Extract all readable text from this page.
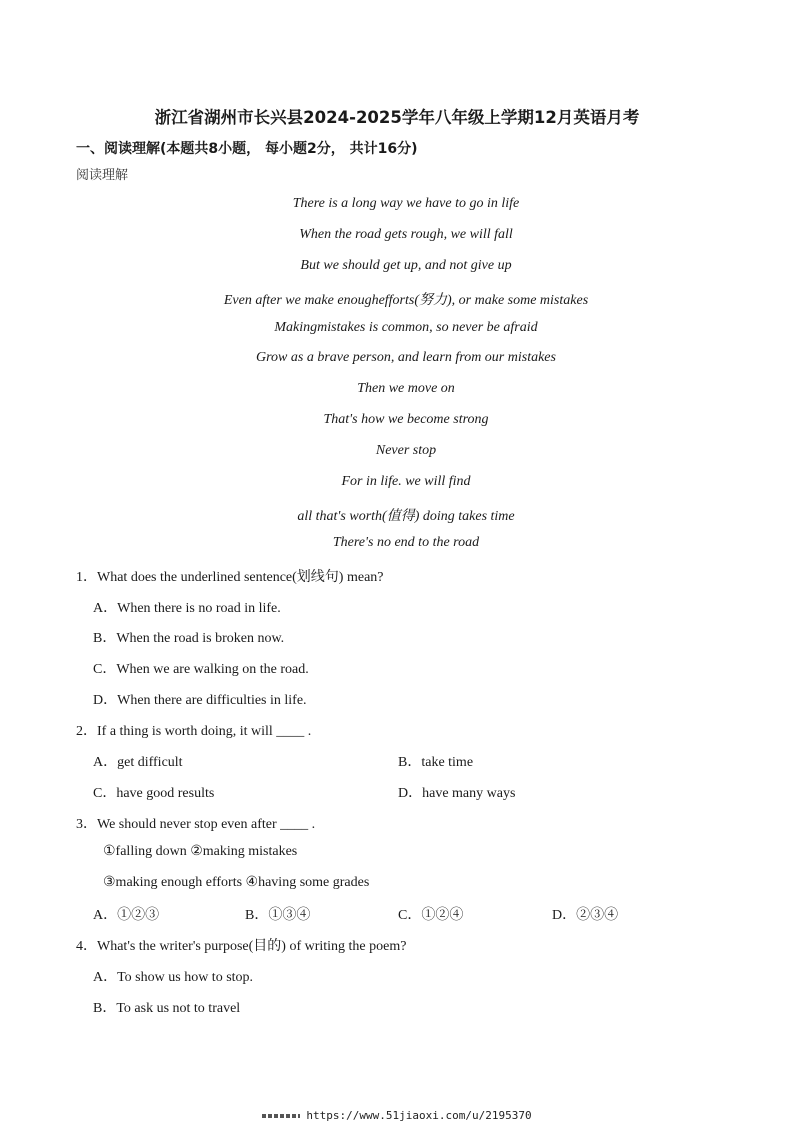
浙江省湖州市长兴县2024-2025学年八年级上学期12月英语月考
一、阅读理解(本题共8小题， 每小题2分， 共计16分)
阅读理解
There is a long way we have to go in life
When the road gets rough, we will fall
But we should get up, and not give up
Even after we make enoughefforts(努力), or make some mistakes
Makingmistakes is common, so never be afraid
Grow as a brave person, and learn from our mistakes
Then we move on
That's how we become strong
Never stop
For in life. we will find
all that's worth(值得) doing takes time
There's no end to the road
1．What does the underlined sentence(划线句) mean?
A．When there is no road in life.
B．When the road is broken now.
C．When we are walking on the road.
D．When there are difficulties in life.
2．If a thing is worth doing, it will ____ .
A．get difficult	B．take time
C．have good results	D．have many ways
3．We should never stop even after ____ .
①falling down ②making mistakes
③making enough efforts ④having some grades
A．①②③	B．①③④	C．①②④	D．②③④
4．What's the writer's purpose(目的) of writing the poem?
A．To show us how to stop.
B．To ask us not to travel
https://www.51jiaoxi.com/u/2195370
